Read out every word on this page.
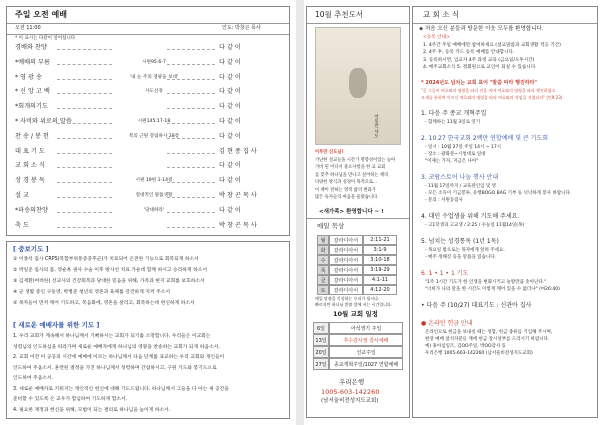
주일 오전 예배
오전 11:00	인도: 박창곤 목사
* 이 표시는 다같이 일어섭니다
경배와 찬양	다 같 이
*예배의 부름	시편95:6-7	다 같 이
* 영 광 송	'내 눈 주의 영광을 보네'	다 같 이
* 신 앙 고 백	사도신경	다 같 이
*회개의기도	다 같 이
* 자비와 위로의 말씀	시편145:17-18	다 같 이
찬 송 / 봉 헌	복의 근원 강림하사 28장	다 같 이
대 표 기 도	김 현 종 집 사
교 회 소 식	다 같 이
성 경 봉 독	시편 19편 1-14절	다 같 이
설 교	절대적인 말씀생활	박 창 곤 목 사
*파송의찬양	'당대하라'	다 같 이
축 도	박 창 곤 목 사
[ 중보기도 ]
① 이종석 집사 CRPS(복합부위통증증후군)가 치료되어 온전한 기능으로 회복되게 하소서
② 박일준 집사의 몸, 영순옥 권사 수술 이후 방사선 치료 가운데 함께 하시고 승리하게 하소서
③ 김재환(여려한) 선교사의 건강회복과 당대한 믿음을 위해, 가족과 현지 교회를 보호하소서
④ 군 생활 중인 구동영, 박병준 청년의 영혼과 육체를 강건하게 지켜 주소서
⑤ 목자들이 먼저 깨어 기도하고, 복음화에, 영혼을 살리고, 회복하는데 헌신하게 하소서
[ 새로운 예배자를 위한 기도 ]
1. 우리 교회가 계속해서 하나님께서 기뻐하시는 교회가 되기를 소망합니다. 우리들은 이교회는
성령님의 인도하심을 따라가며 새로운 예배자에게 하나님의 영광을 찬송하는 교회가 되게 하옵소서.
2. 교회 이전 이 공공의 시간에 예배에 이르는 하나님께서 다음 단계를 표교하는 우리 교회와 개인들이
인도하여 주옵소서. 훈련된 결정을 가진 하나님께서 성령하며 간섭하시고, 구원 기도와 봉기도으로
인도하여 주옵소서.
3. 새로운 예배자로 키워지는 개인적인 헌신에 대해 기도드립니다. 하나님께서 그들을 다 아는 새 공간을
준비할 수 있도록 온 교우가 합심하여 기도하게 합소서.
4. 필요한 재정과 헌신을 위해, 모범이 되는 결의로 하나님을 높이게 하소서.
10월 추천도서
어루만 사도
이루만 신도님!
가난한 설교들을 시간가 방향성이었는 놓아
가비 된 어디서 중요사항을 한 교 교회
를 맞추 하나님을 만나고 싶어하는 책의
다양한 방식과 성경이 목적으로...
이 책이 전하는 영적 삶의 변화가
많은 독자들의 마음을 울렸습니다.
<새가족> 환영합니다 ~ !
매일 묵상
월	갈라디아서	2:11-21
화	갈라디아서	3:1-9
수	갈라디아서	3:10-18
목	갈라디아서	3:19-29
금	갈라디아서	4:1-11
토	갈라디아서	4:12-20
매일 말씀을 묵상하는 우리가 됩시다.
빠르지만 하나님 말씀 앞에 서는 시간입니다.
10월 교회 일정
6일	어석생기 주일
13일	추수감사절 감사예배
20일	선교주일
27일	종교개혁주일/1027 연합예배
우리은행
1005-603-142260
(남서울비전성지도교회)
교 회 소 식
◈ 처음 오신 분들과 방문한 이웃 모두를 환영합니다.
<등록 안내>
1. 4주간 주일 예배에만 참여하세요 (설교말씀과 교회생활 적응 기간)
2. 4주 후, 등록 카드 등록 예배를 안내합니다.
3. 등록하시면, 입교자 4주 과정 교육 (금요일/오후시간)
4. 매주교회소식 5. 정회원으로 교인이 되실 수 있습니다.
* 2024년도 넘치는 교회 표어 "말씀 따라 행진하라"
"곧 그들이 여호와의 명령을 따라 진을 치며 여호와의 명령을 따라 행진하였고
모세를 통하여 이르신 여호와의 명령을 따라 여호와의 직임을 지켰더라" (민9:23)
1. 다음 주 종교 개혁주일
- 함께하는 11월 3일로 연기
2. 10.27 한국교회 2백만 연합예배 및 큰 기도회
- 일시 : 10월 27일 주일 14시 ~ 17시
- 장소 : 광화문~시청대로 일대
"이제는 가자, 지금은 나아"
3. 코람스토어 나눔 행사 안내
- 11월 17일까지 / 교육관인입 및 영
- 모든 소득이 기금봉투, 유행BOGO BAG 기부 등 넉넉하게 봉사 바랍니다.
- 문의 : 서원동집사
4. 대인 수업생을 위해 기도해 주세요.
- 고1학생과 고교생 / 2:25 / 수능일 11월14일(목)
5. 넘치는 성경통독 (1년 1독)
- 목요일 밤으로는 목자에게 알려 주세요.
- 매주 정해진 등을 말씀을 읽습니다.
6. 1 • 1 • 1 기도
"1주 1시간 기도가 한 인생을 변화시키고 놀랄만큼 솟아난다."
"너희가 나의 말을 한 시간도 이렇게 깨어 있을 수 없더냐" (마26:40)
• 다음 주 (10/27) 대표기도 : 신관아 집사
● 온라인 헌금 안내
온라인으로 헌금을 보내실 때는 성함, 헌금 종류를 기입해 주시며,
현장 예배 참석자분들 계에 헌금 장시설부를 드리시기 바랍니다.
예) 홍아십일조, 김OO주일, 박OO감사 등
우리은행 1005-603-142260 (남서울비전성지도교회)
